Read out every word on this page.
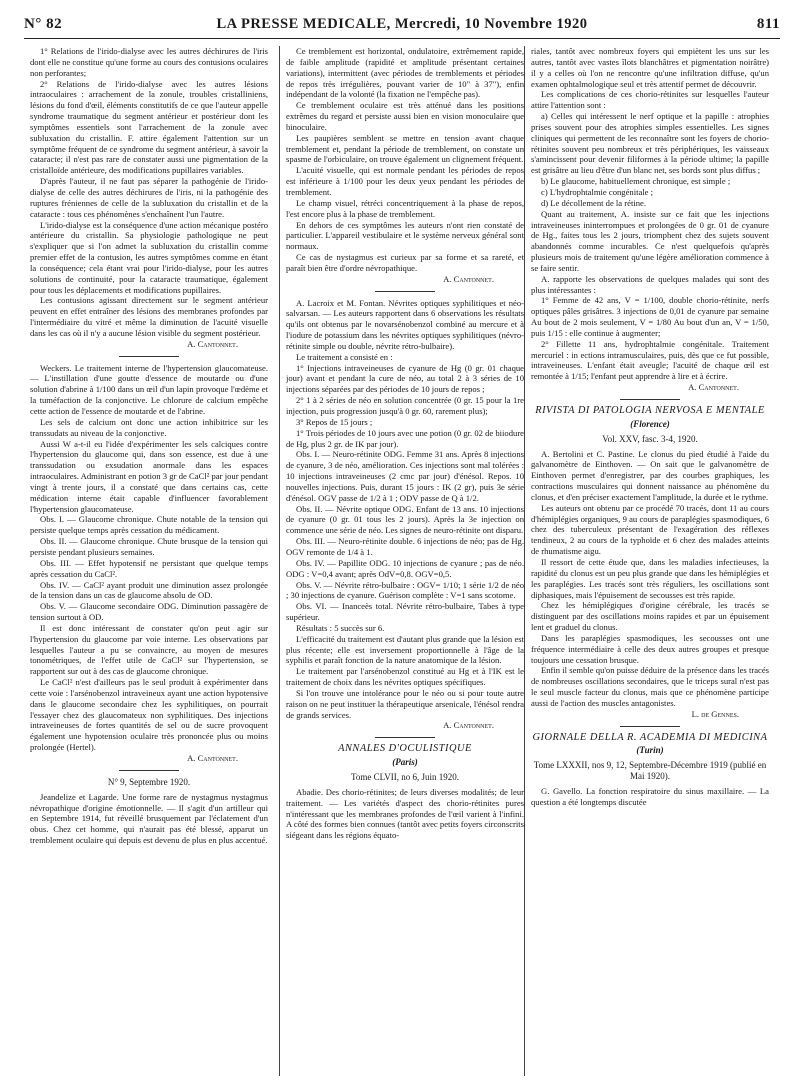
N° 82	LA PRESSE MEDICALE, Mercredi, 10 Novembre 1920	811

1° Relations de l'irido-dialyse avec les autres déchirures de l'iris dont elle ne constitue qu'une forme au cours des contusions oculaires non perforantes;

2° Relations de l'irido-dialyse avec les autres lésions intraoculaires : arrachement de la zonule, troubles cristalliniens, lésions du fond d'œil, éléments constitutifs de ce que l'auteur appelle syndrome traumatique du segment antérieur et postérieur dont les symptômes essentiels sont l'arrachement de la zonule avec subluxation du cristallin. F. attire également l'attention sur un symptôme fréquent de ce syndrome du segment antérieur, à savoir la cataracte; il n'est pas rare de constater aussi une pigmentation de la cristalloïde antérieure, des modifications pupillaires variables.

D'après l'auteur, il ne faut pas séparer la pathogénie de l'irido-dialyse de celle des autres déchirures de l'iris, ni la pathogénie des ruptures fréniennes de celle de la subluxation du cristallin et de la cataracte : tous ces phénomènes s'enchaînent l'un l'autre.

L'irido-dialyse est la conséquence d'une action mécanique postéro antérieure du cristallin. Sa physiologie pathologique ne peut s'expliquer que si l'on admet la subluxation du cristallin comme premier effet de la contusion, les autres symptômes comme en étant la conséquence; cela étant vrai pour l'irido-dialyse, pour les autres solutions de continuité, pour la cataracte traumatique, également pour tous les déplacements et modifications pupillaires.

Les contusions agissant directement sur le segment antérieur peuvent en effet entraîner des lésions des membranes profondes par l'intermédiaire du vitré et même la diminution de l'acuité visuelle dans les cas où il n'y a aucune lésion visible du segment postérieur.

A. Cantonnet.

Weckers. Le traitement interne de l'hypertension glaucomateuse. — L'instillation d'une goutte d'essence de moutarde ou d'une solution d'abrine à 1/100 dans un œil d'un lapin provoque l'œdème et la tuméfaction de la conjonctive. Le chlorure de calcium empêche cette action de l'essence de moutarde et de l'abrine.

Les sels de calcium ont donc une action inhibitrice sur les transsudats au niveau de la conjonctive.

Aussi W a-t-il eu l'idée d'expérimenter les sels calciques contre l'hypertension du glaucome qui, dans son essence, est due à une transsudation ou exsudation anormale dans les espaces intraoculaires. Administrant en potion 3 gr de CaCl² par jour pendant vingt à trente jours, il a constaté que dans certains cas, cette médication interne était capable d'influencer favorablement l'hypertension glaucomateuse.

Obs. I. — Glaucome chronique. Chute notable de la tension qui persiste quelque temps après cessation du médicament.

Obs. II. — Glaucome chronique. Chute brusque de la tension qui persiste pendant plusieurs semaines.

Obs. III. — Effet hypotensif ne persistant que quelque temps après cessation du CaCl².

Obs. IV. — CaCl² ayant produit une diminution assez prolongée de la tension dans un cas de glaucome absolu de OD.

Obs. V. — Glaucome secondaire ODG. Diminution passagère de tension surtout à OD.

Il est donc intéressant de constater qu'on peut agir sur l'hypertension du glaucome par voie interne. Les observations par lesquelles l'auteur a pu se convaincre, au moyen de mesures tonométriques, de l'effet utile de CaCl² sur l'hypertension, se rapportent sur out à des cas de glaucome chronique.

Le CaCl² n'est d'ailleurs pas le seul produit à expérimenter dans cette voie : l'arsénobenzol intraveineux ayant une action hypotensive dans le glaucome secondaire chez les syphilitiques, on pourrait l'essayer chez des glaucomateux non syphilitiques. Des injections intraveineuses de fortes quantités de sel ou de sucre provoquent également une hypotension oculaire très prononcée plus ou moins prolongée (Hertel).

A. Cantonnet.

N° 9, Septembre 1920.

Jeandelize et Lagarde. Une forme rare de nystagmus nystagmus névropathique d'origine émotionnelle. — Il s'agit d'un artilleur qui en Septembre 1914, fut réveillé brusquement par l'éclatement d'un obus. Chez cet homme, qui n'aurait pas été blessé, apparut un tremblement oculaire qui depuis est devenu de plus en plus accentué.

Ce tremblement est horizontal, ondulatoire, extrêmement rapide, de faible amplitude (rapidité et amplitude présentant certaines variations), intermittent (avec périodes de tremblements et périodes de repos très irrégulières, pouvant varier de 10" à 37"), enfin indépendant de la volonté (la fixation ne l'empêche pas).

Ce tremblement oculaire est très atténué dans les positions extrêmes du regard et persiste aussi bien en vision monoculaire que binoculaire.

Les paupières semblent se mettre en tension avant chaque tremblement et, pendant la période de tremblement, on constate un spasme de l'orbiculaire, on trouve également un clignement fréquent.

L'acuité visuelle, qui est normale pendant les périodes de repos est inférieure à 1/100 pour les deux yeux pendant les périodes de tremblement.

Le champ visuel, rétréci concentriquement à la phase de repos, l'est encore plus à la phase de tremblement.

En dehors de ces symptômes les auteurs n'ont rien constaté de particulier. L'appareil vestibulaire et le système nerveux général sont normaux.

Ce cas de nystagmus est curieux par sa forme et sa rareté, et paraît bien être d'ordre névropathique.

A. Cantonnet.

A. Lacroix et M. Fontan. Névrites optiques syphilitiques et néo-salvarsan. — Les auteurs rapportent dans 6 observations les résultats qu'ils ont obtenus par le novarsénobenzol combiné au mercure et à l'iodure de potassium dans les névrites optiques syphilitiques (névro-rétinite simple ou double, névrite rétro-bulbaire).

Le traitement a consisté en :

1° Injections intraveineuses de cyanure de Hg (0 gr. 01 chaque jour) avant et pendant la cure de néo, au total 2 à 3 séries de 10 injections séparées par des périodes de 10 jours de repos ;

2° 1 à 2 séries de néo en solution concentrée (0 gr. 15 pour la 1re injection, puis progression jusqu'à 0 gr. 60, rarement plus);

3° Repos de 15 jours ;

1° Trois périodes de 10 jours avec une potion (0 gr. 02 de biiodure de Hg, plus 2 gr. de IK par jour).

Obs. I. — Neuro-rétinite ODG. Femme 31 ans. Après 8 injections de cyanure, 3 de néo, amélioration. Ces injections sont mal tolérées : 10 injections intraveineuses (2 cmc par jour) d'énésol. Repos. 10 nouvelles injections. Puis, durant 15 jours : IK (2 gr), puis 3e série d'énésol. OGV passe de 1/2 à 1 ; ODV passe de Q à 1/2.

Obs. II. — Névrite optique ODG. Enfant de 13 ans. 10 injections de cyanure (0 gr. 01 tous les 2 jours). Après la 3e injection on commence une série de néo. Les signes de neuro-rétinite ont disparu.

Obs. III. — Neuro-rétinite double. 6 injections de néo; pas de Hg. OGV remonte de 1/4 à 1.

Obs. IV. — Papillite ODG. 10 injections de cyanure ; pas de néo. ODG : V=0,4 avant; après OdV=0,8. OGV=0,5.

Obs. V. — Névrite rétro-bulbaire : OGV= 1/10; 1 série 1/2 de néo ; 30 injections de cyanure. Guérison complète : V=1 sans scotome.

Obs. VI. — Inanceès total. Névrite rétro-bulbaire, Tabes à type supérieur.

Résultats : 5 succès sur 6.

L'efficacité du traitement est d'autant plus grande que la lésion est plus récente; elle est inversement proportionnelle à l'âge de la syphilis et paraît fonction de la nature anatomique de la lésion.

Le traitement par l'arsénobenzol constitué au Hg et à l'IK est le traitement de choix dans les névrites optiques spécifiques.

Si l'on trouve une intolérance pour le néo ou si pour toute autre raison on ne peut instituer la thérapeutique arsenicale, l'énésol rendra de grands services.

A. Cantonnet.

ANNALES D'OCULISTIQUE

(Paris)

Tome CLVII, no 6, Juin 1920.

Abadie. Des chorio-rétinites; de leurs diverses modalités; de leur traitement. — Les variétés d'aspect des chorio-rétinites pures n'intéressant que les membranes profondes de l'œil varient à l'infini. A côté des formes bien connues (tantôt avec petits foyers circonscrits siégeant dans les régions équato-

riales, tantôt avec nombreux foyers qui empiètent les uns sur les autres, tantôt avec vastes îlots blanchâtres et pigmentation noirâtre) il y a celles où l'on ne rencontre qu'une infiltration diffuse, qu'un examen ophtalmologique seul et très attentif permet de découvrir.

Les complications de ces chorio-rétinites sur lesquelles l'auteur attire l'attention sont :

a) Celles qui intéressent le nerf optique et la papille : atrophies prises souvent pour des atrophies simples essentielles. Les signes cliniques qui permettent de les reconnaître sont les foyers de chorio-rétinites souvent peu nombreux et très périphériques, les vaisseaux s'amincissent pour devenir filiformes à la période ultime; la papille est grisâtre au lieu d'être d'un blanc net, ses bords sont plus diffus ;

b) Le glaucome, habituellement chronique, est simple ;

c) L'hydrophtalmie congénitale ;

d) Le décollement de la rétine.

Quant au traitement, A. insiste sur ce fait que les injections intraveineuses ininterrompues et prolongées de 0 gr. 01 de cyanure de Hg., faites tous les 2 jours, triomphent chez des sujets souvent abandonnés comme incurables. Ce n'est quelquefois qu'après plusieurs mois de traitement qu'une légère amélioration commence à se faire sentir.

A. rapporte les observations de quelques malades qui sont des plus intéressantes :

1° Femme de 42 ans, V = 1/100, double chorio-rétinite, nerfs optiques pâles grisâtres. 3 injections de 0,01 de cyanure par semaine Au bout de 2 mois seulement, V = 1/80 Au bout d'un an, V = 1/50, puis 1/15 : elle continue à augmenter;

2° Fillette 11 ans, hydrophtalmie congénitale. Traitement mercuriel : in ections intramusculaires, puis, dès que ce fut possible, intraveineuses. L'enfant était aveugle; l'acuité de chaque œil est remontée à 1/15; l'enfant peut apprendre à lire et à écrire.

A. Cantonnet.

RIVISTA DI PATOLOGIA NERVOSA E MENTALE

(Florence)

Vol. XXV, fasc. 3-4, 1920.

A. Bertolini et C. Pastine. Le clonus du pied étudié à l'aide du galvanomètre de Einthoven. — On sait que le galvanomètre de Einthoven permet d'enregistrer, par des courbes graphiques, les contractions musculaires qui donnent naissance au phénomène du clonus, et d'en préciser exactement l'amplitude, la durée et le rythme.

Les auteurs ont obtenu par ce procédé 70 tracés, dont 11 au cours d'hémiplégies organiques, 9 au cours de paraplégies spasmodiques, 6 chez des tuberculeux présentant de l'exagération des réflexes tendineux, 2 au cours de la typhoïde et 6 chez des malades atteints de rhumatisme aigu.

Il ressort de cette étude que, dans les maladies infectieuses, la rapidité du clonus est un peu plus grande que dans les hémiplégies et les paraplégies. Les tracés sont très réguliers, les oscillations sont diphasiques, mais l'épuisement de secousses est très rapide.

Chez les hémiplégiques d'origine cérébrale, les tracés se distinguent par des oscillations moins rapides et par un épuisement lent et graduel du clonus.

Dans les paraplégies spasmodiques, les secousses ont une fréquence intermédiaire à celle des deux autres groupes et presque toujours une cessation brusque.

Enfin il semble qu'on puisse déduire de la présence dans les tracés de nombreuses oscillations secondaires, que le triceps sural n'est pas le seul muscle facteur du clonus, mais que ce phénomène participe aussi de l'action des muscles antagonistes.

L. de Gennes.

GIORNALE DELLA R. ACADEMIA DI MEDICINA

(Turin)

Tome LXXXII, nos 9, 12, Septembre-Décembre 1919 (publié en Mai 1920).

G. Gavello. La fonction respiratoire du sinus maxillaire. — La question a été longtemps discutée
